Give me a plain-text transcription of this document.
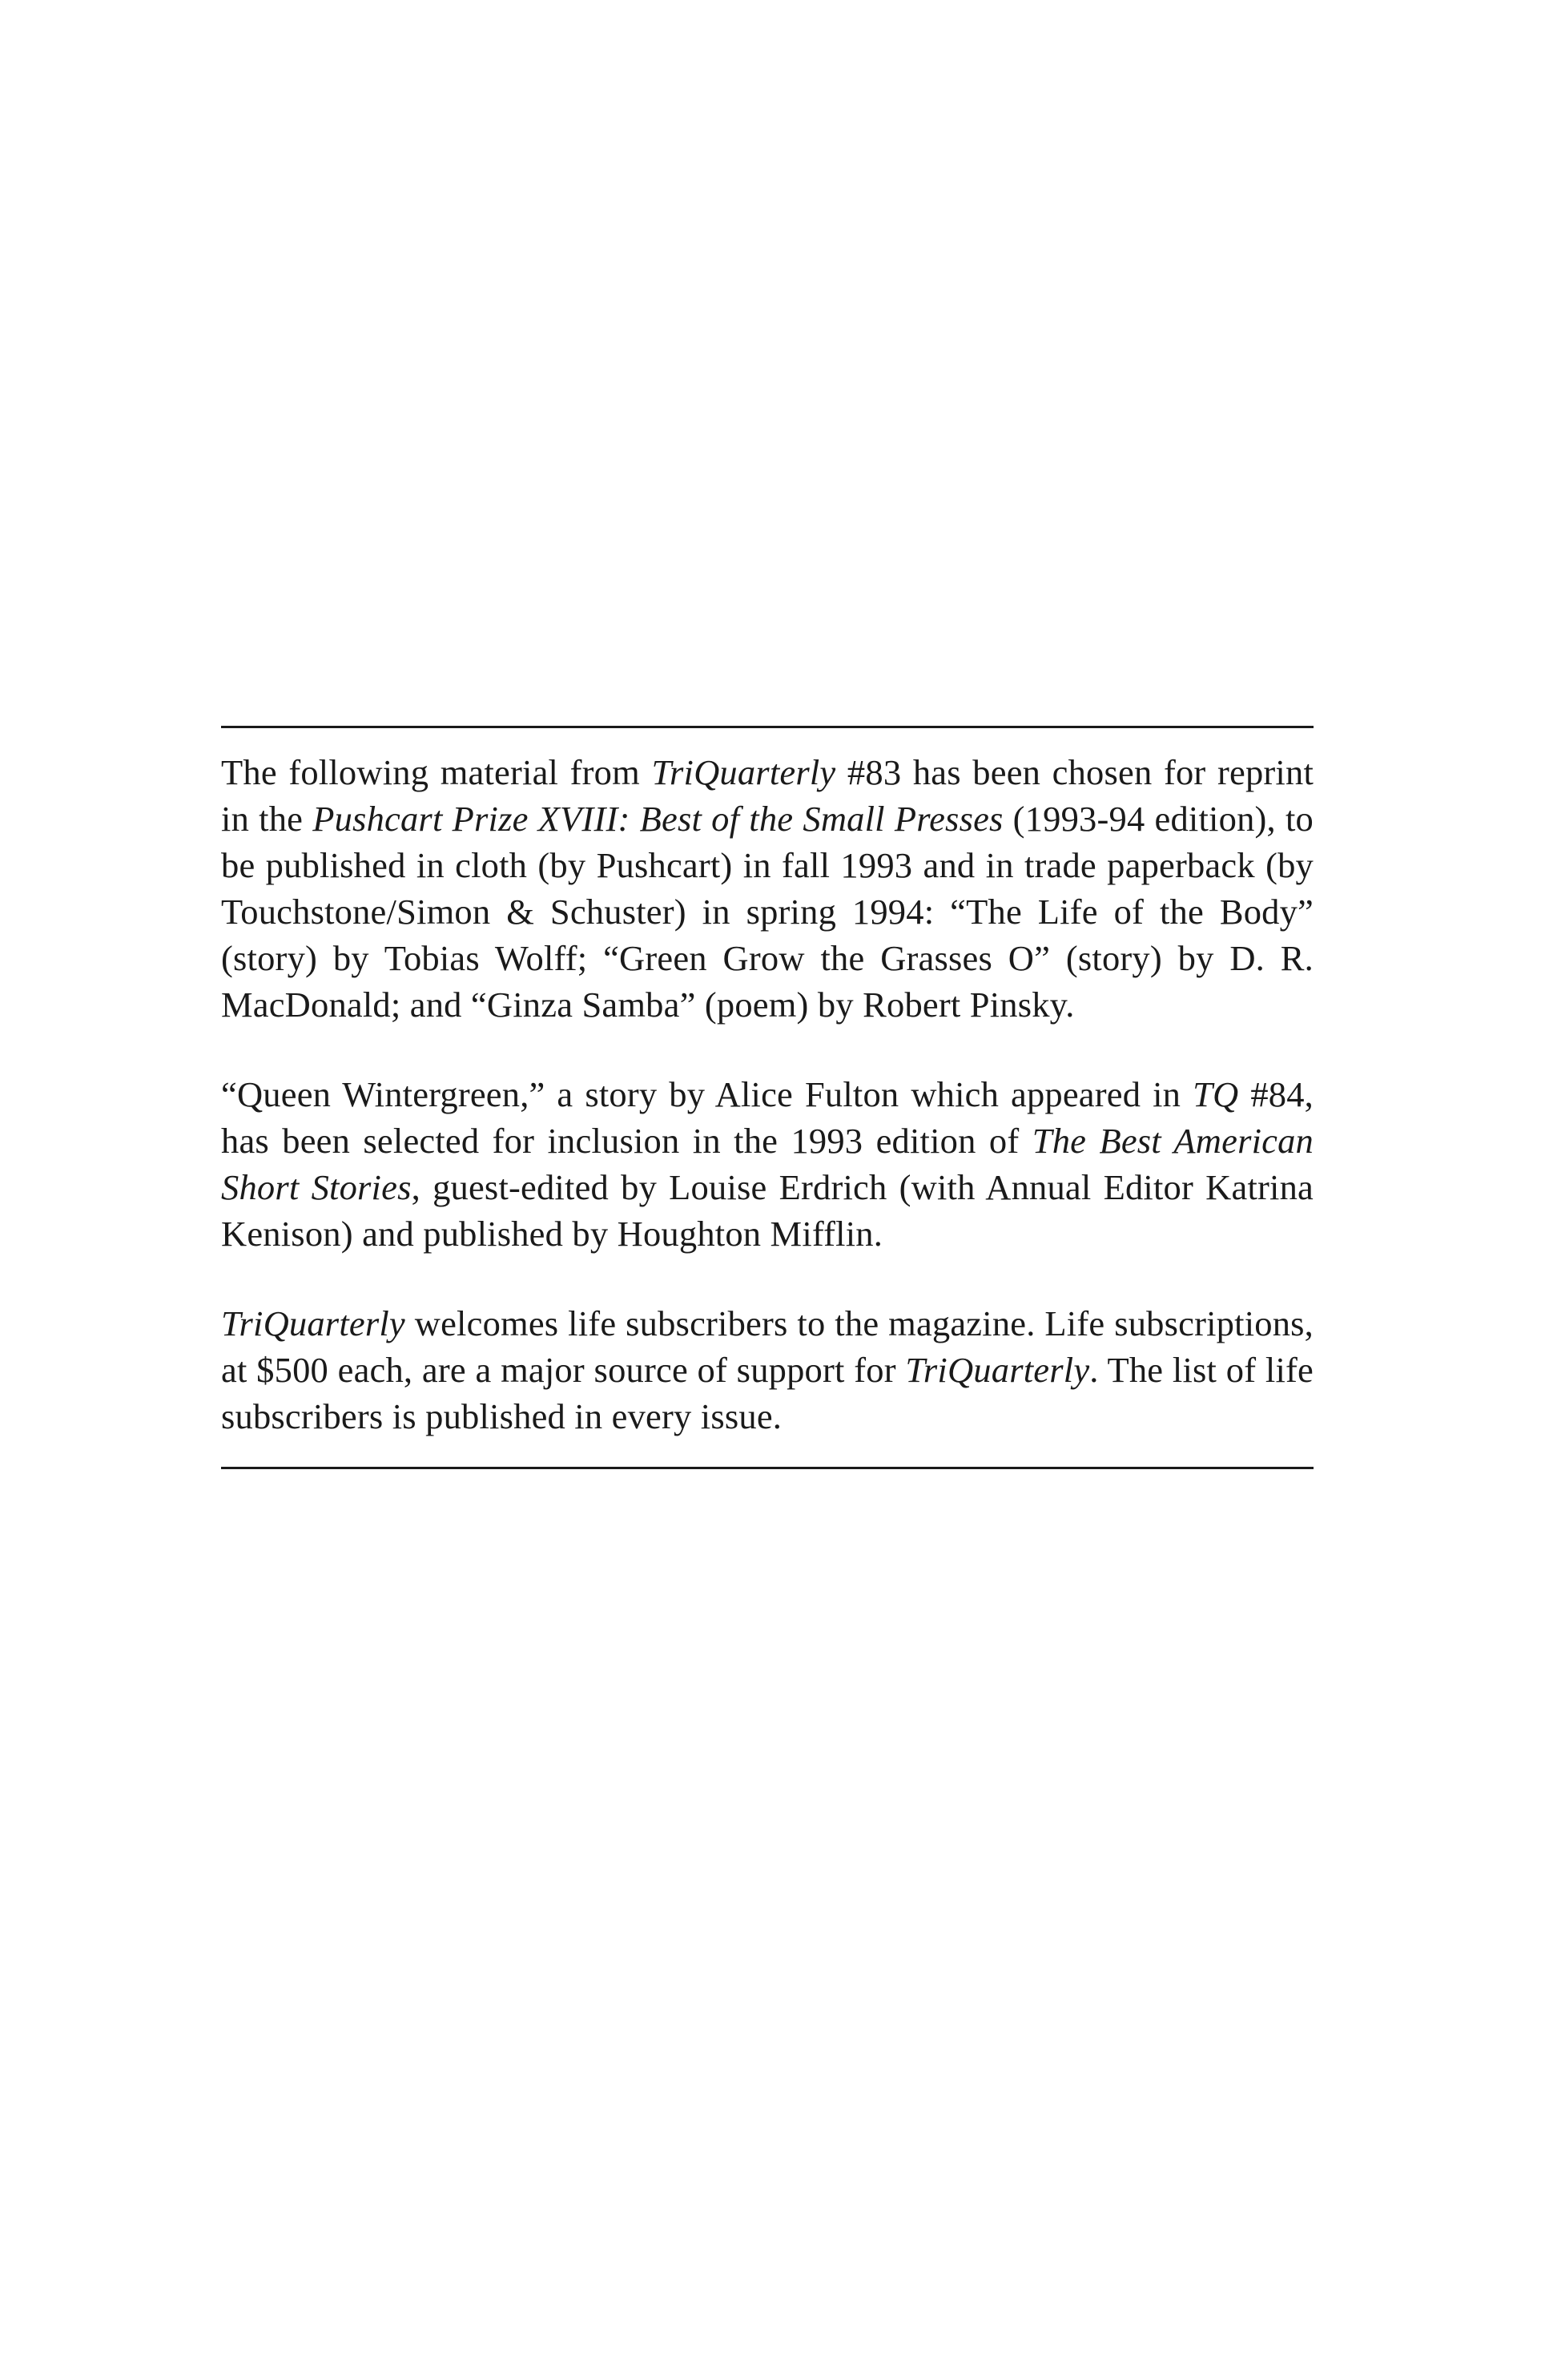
The following material from TriQuarterly #83 has been chosen for reprint in the Pushcart Prize XVIII: Best of the Small Presses (1993-94 edition), to be published in cloth (by Pushcart) in fall 1993 and in trade paperback (by Touchstone/Simon & Schuster) in spring 1994: “The Life of the Body” (story) by Tobias Wolff; “Green Grow the Grasses O” (story) by D. R. MacDonald; and “Ginza Samba” (poem) by Robert Pinsky.

“Queen Wintergreen,” a story by Alice Fulton which appeared in TQ #84, has been selected for inclusion in the 1993 edition of The Best American Short Stories, guest-edited by Louise Erdrich (with Annual Editor Katrina Kenison) and published by Houghton Mifflin.

TriQuarterly welcomes life subscribers to the magazine. Life subscriptions, at $500 each, are a major source of support for TriQuarterly. The list of life subscribers is published in every issue.
